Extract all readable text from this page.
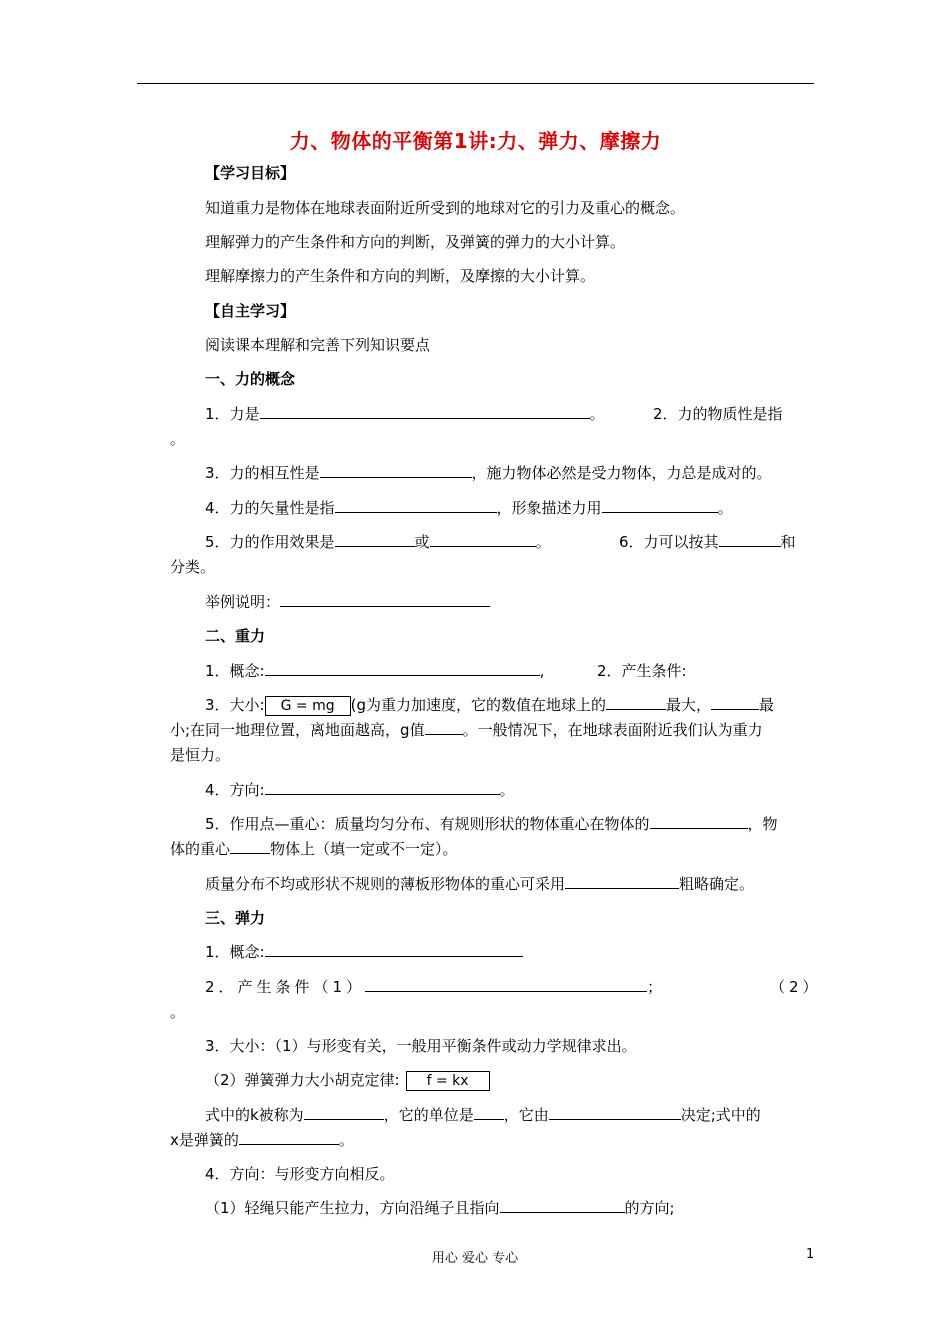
力、物体的平衡第1讲:力、弹力、摩擦力
【学习目标】
知道重力是物体在地球表面附近所受到的地球对它的引力及重心的概念。
理解弹力的产生条件和方向的判断，及弹簧的弹力的大小计算。
理解摩擦力的产生条件和方向的判断，及摩擦的大小计算。
【自主学习】
阅读课本理解和完善下列知识要点
一、力的概念
1．力是	。	2．力的物质性是指
。
3．力的相互性是	，施力物体必然是受力物体，力总是成对的。
4．力的矢量性是指	，形象描述力用	。
5．力的作用效果是	或	。	6．力可以按其	和
分类。
举例说明：
二、重力
1．概念:	,	2．产生条件:
3．大小: G = mg (g为重力加速度，它的数值在地球上的	最大，	最
小;在同一地理位置，离地面越高，g值	。一般情况下，在地球表面附近我们认为重力
是恒力。
4．方向:	。
5．作用点—重心：质量均匀分布、有规则形状的物体重心在物体的	，物
体的重心	物体上（填一定或不一定）。
质量分布不均或形状不规则的薄板形物体的重心可采用	粗略确定。
三、弹力
1．概念:
2．产生条件（1）	；	（2）
。
3．大小：（1）与形变有关，一般用平衡条件或动力学规律求出。
（2）弹簧弹力大小胡克定律: f = kx
式中的k被称为	，它的单位是 ，它由	决定;式中的
x是弹簧的	。
4．方向：与形变方向相反。
（1）轻绳只能产生拉力，方向沿绳子且指向	的方向;
用心 爱心 专心	1
